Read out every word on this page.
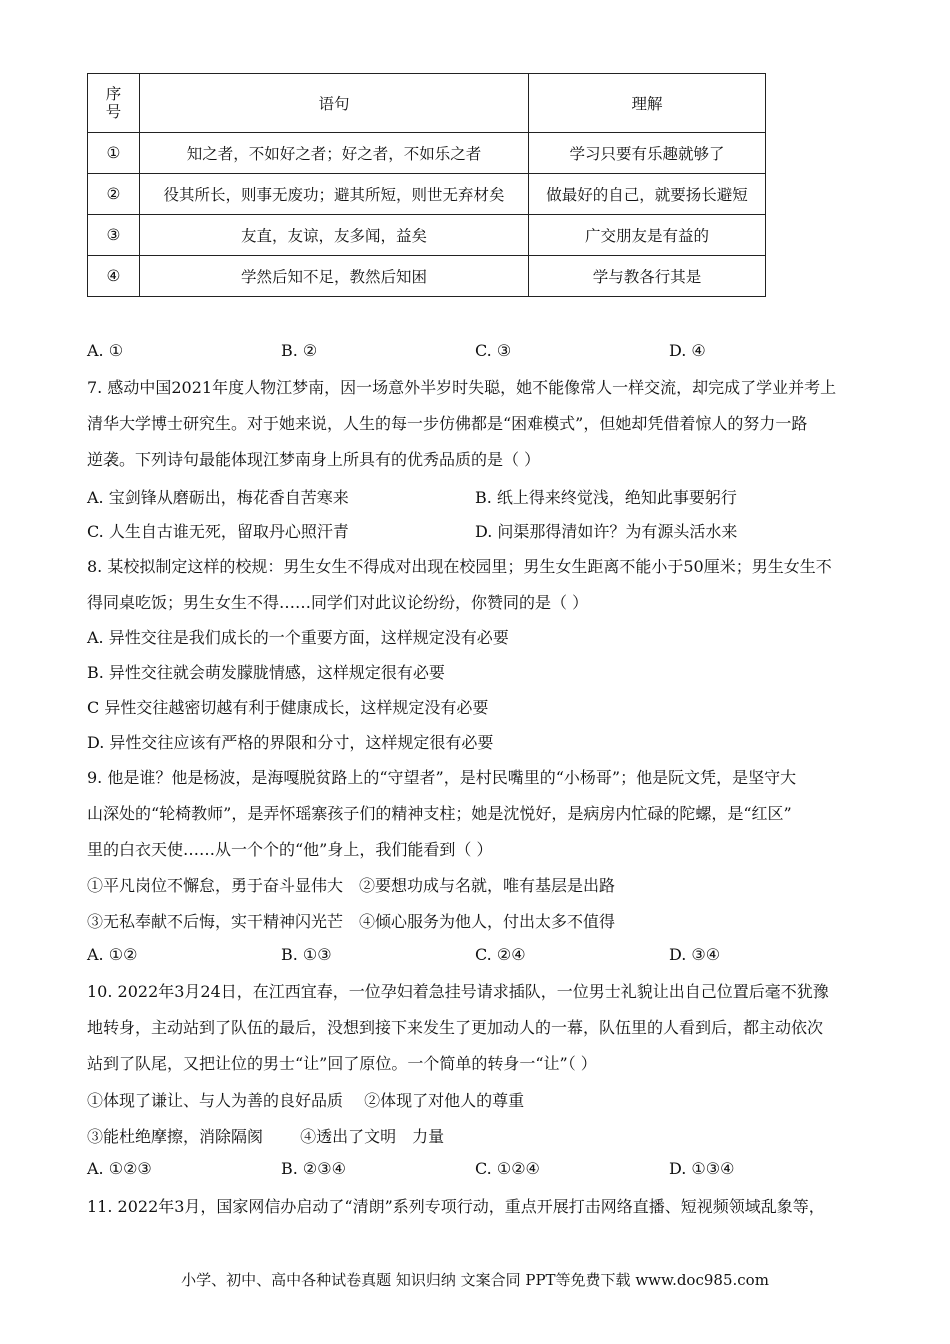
序
号	语句	理解
①	知之者，不如好之者；好之者，不如乐之者	学习只要有乐趣就够了
②	役其所长，则事无废功；避其所短，则世无弃材矣	做最好的自己，就要扬长避短
③	友直，友谅，友多闻，益矣	广交朋友是有益的
④	学然后知不足，教然后知困	学与教各行其是
A. ①	B. ②	C. ③	D. ④
7. 感动中国2021年度人物江梦南，因一场意外半岁时失聪，她不能像常人一样交流，却完成了学业并考上
清华大学博士研究生。对于她来说，人生的每一步仿佛都是“困难模式”，但她却凭借着惊人的努力一路
逆袭。下列诗句最能体现江梦南身上所具有的优秀品质的是（ ）
A. 宝剑锋从磨砺出，梅花香自苦寒来	B. 纸上得来终觉浅，绝知此事要躬行
C. 人生自古谁无死，留取丹心照汗青	D. 问渠那得清如许？为有源头活水来
8. 某校拟制定这样的校规：男生女生不得成对出现在校园里；男生女生距离不能小于50厘米；男生女生不
得同桌吃饭；男生女生不得……同学们对此议论纷纷，你赞同的是（ ）
A. 异性交往是我们成长的一个重要方面，这样规定没有必要
B. 异性交往就会萌发朦胧情感，这样规定很有必要
C 异性交往越密切越有利于健康成长，这样规定没有必要
D. 异性交往应该有严格的界限和分寸，这样规定很有必要
9. 他是谁？他是杨波，是海嘎脱贫路上的“守望者”，是村民嘴里的“小杨哥”；他是阮文凭，是坚守大
山深处的“轮椅教师”，是弄怀瑶寨孩子们的精神支柱；她是沈悦好，是病房内忙碌的陀螺，是“红区”
里的白衣天使……从一个个的“他”身上，我们能看到（ ）
①平凡岗位不懈怠，勇于奋斗显伟大　②要想功成与名就，唯有基层是出路
③无私奉献不后悔，实干精神闪光芒　④倾心服务为他人，付出太多不值得
A. ①②	B. ①③	C. ②④	D. ③④
10. 2022年3月24日，在江西宜春，一位孕妇着急挂号请求插队，一位男士礼貌让出自己位置后毫不犹豫
地转身，主动站到了队伍的最后，没想到接下来发生了更加动人的一幕，队伍里的人看到后，都主动依次
站到了队尾，又把让位的男士“让”回了原位。一个简单的转身一“让”（ ）
①体现了谦让、与人为善的良好品质　 ②体现了对他人的尊重
③能杜绝摩擦，消除隔阂　　 ④透出了文明　力量
A. ①②③	B. ②③④	C. ①②④	D. ①③④
11. 2022年3月，国家网信办启动了“清朗”系列专项行动，重点开展打击网络直播、短视频领域乱象等，
小学、初中、高中各种试卷真题 知识归纳 文案合同 PPT等免费下载 www.doc985.com
